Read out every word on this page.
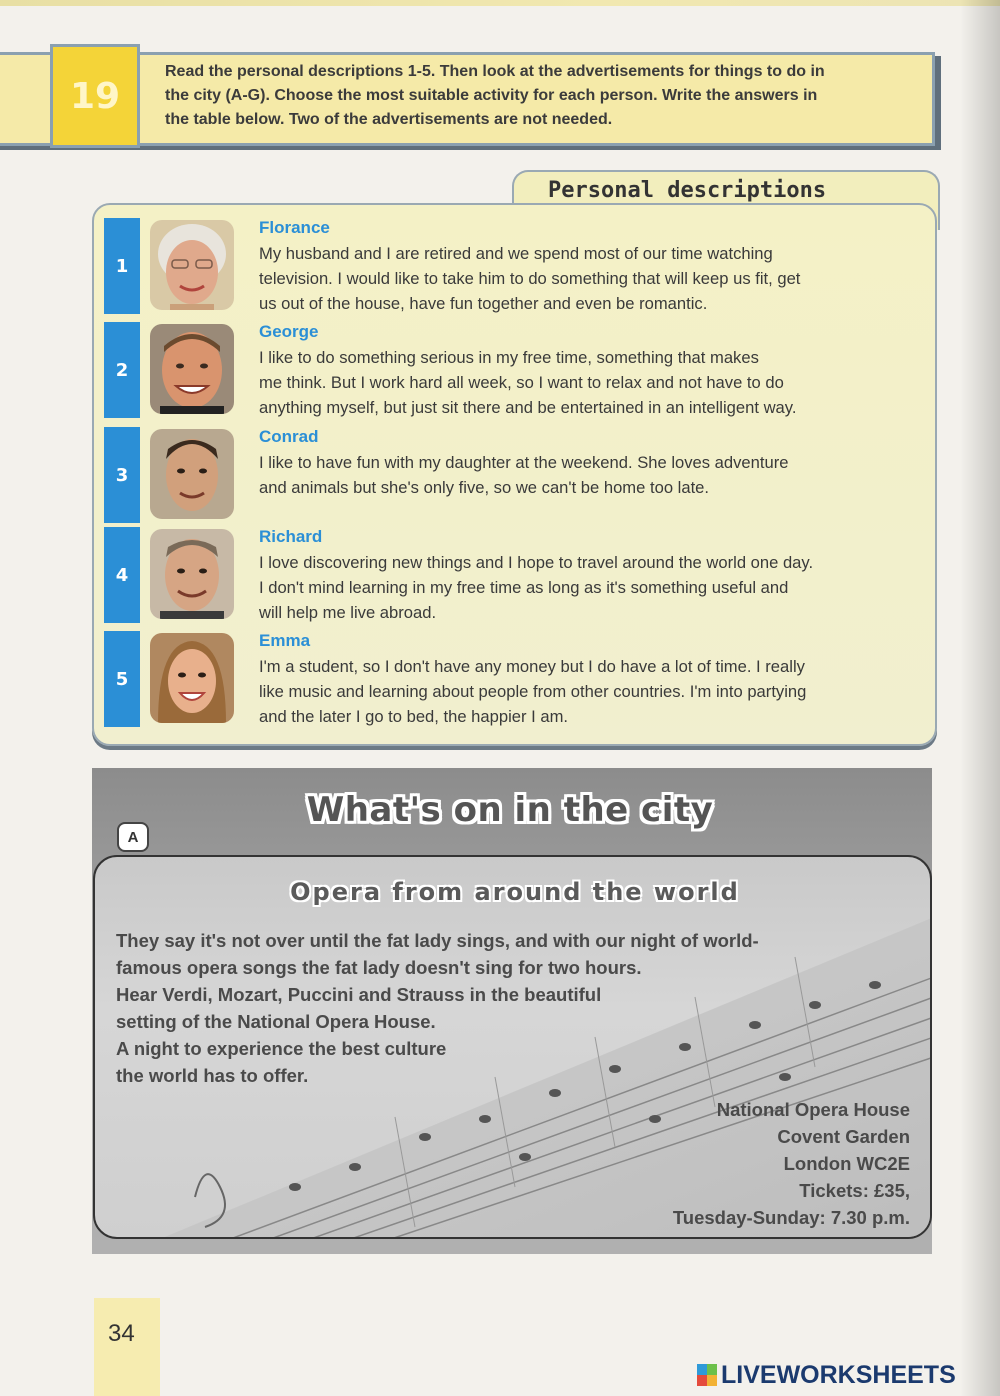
19
Read the personal descriptions 1-5. Then look at the advertisements for things to do in
the city (A-G). Choose the most suitable activity for each person. Write the answers in
the table below. Two of the advertisements are not needed.
Personal descriptions
1
Florance
My husband and I are retired and we spend most of our time watching
television. I would like to take him to do something that will keep us fit, get
us out of the house, have fun together and even be romantic.
2
George
I like to do something serious in my free time, something that makes
me think. But I work hard all week, so I want to relax and not have to do
anything myself, but just sit there and be entertained in an intelligent way.
3
Conrad
I like to have fun with my daughter at the weekend. She loves adventure
and animals but she's only five, so we can't be home too late.
4
Richard
I love discovering new things and I hope to travel around the world one day.
I don't mind learning in my free time as long as it's something useful and
will help me live abroad.
5
Emma
I'm a student, so I don't have any money but I do have a lot of time. I really
like music and learning about people from other countries. I'm into partying
and the later I go to bed, the happier I am.
What's on in the city
A
Opera from around the world
They say it's not over until the fat lady sings, and with our night of world-
famous opera songs the fat lady doesn't sing for two hours.
Hear Verdi, Mozart, Puccini and Strauss in the beautiful
setting of the National Opera House.
A night to experience the best culture
the world has to offer.
National Opera House
Covent Garden
London WC2E
Tickets: £35,
Tuesday-Sunday: 7.30 p.m.
34
LIVEWORKSHEETS
